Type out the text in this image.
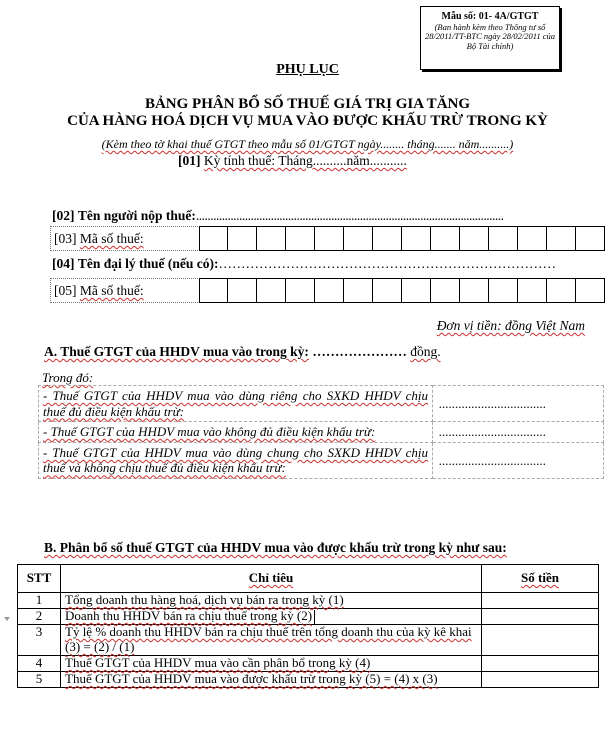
Mẫu số: 01- 4A/GTGT
(Ban hành kèm theo Thông tư số 28/2011/TT-BTC ngày 28/02/2011 của Bộ Tài chính)
PHỤ LỤC
BẢNG PHÂN BỔ SỐ THUẾ GIÁ TRỊ GIA TĂNG
CỦA HÀNG HOÁ DỊCH VỤ MUA VÀO ĐƯỢC KHẤU TRỪ TRONG KỲ
(Kèm theo tờ khai thuế GTGT theo mẫu số 01/GTGT ngày........ tháng....... năm..........)
[01] Kỳ tính thuế: Tháng..........năm...........
[02] Tên người nộp thuế:...........................................................................................................
[03] Mã số thuế:
[04] Tên đại lý thuế (nếu có):…………………………………………………………………
[05] Mã số thuế:
Đơn vị tiền: đồng Việt Nam
A. Thuế GTGT của HHDV mua vào trong kỳ: ………………… đồng.
Trong đó:
- Thuế GTGT của HHDV mua vào dùng riêng cho SXKD HHDV chịu thuế đủ điều kiện khấu trừ:	.................................
- Thuế GTGT của HHDV mua vào không đủ điều kiện khấu trừ:	.................................
- Thuế GTGT của HHDV mua vào dùng chung cho SXKD HHDV chịu thuế và không chịu thuế đủ điều kiện khấu trừ:	.................................
B. Phân bổ số thuế GTGT của HHDV mua vào được khấu trừ trong kỳ như sau:
STT	Chỉ tiêu	Số tiền
1	Tổng doanh thu hàng hoá, dịch vụ bán ra trong kỳ (1)	
2	Doanh thu HHDV bán ra chịu thuế trong kỳ (2)	
3	Tỷ lệ % doanh thu HHDV bán ra chịu thuế trên tổng doanh thu của kỳ kê khai (3) = (2) / (1)	
4	Thuế GTGT của HHDV mua vào cần phân bổ trong kỳ (4)	
5	Thuế GTGT của HHDV mua vào được khấu trừ trong kỳ (5) = (4) x (3)	
